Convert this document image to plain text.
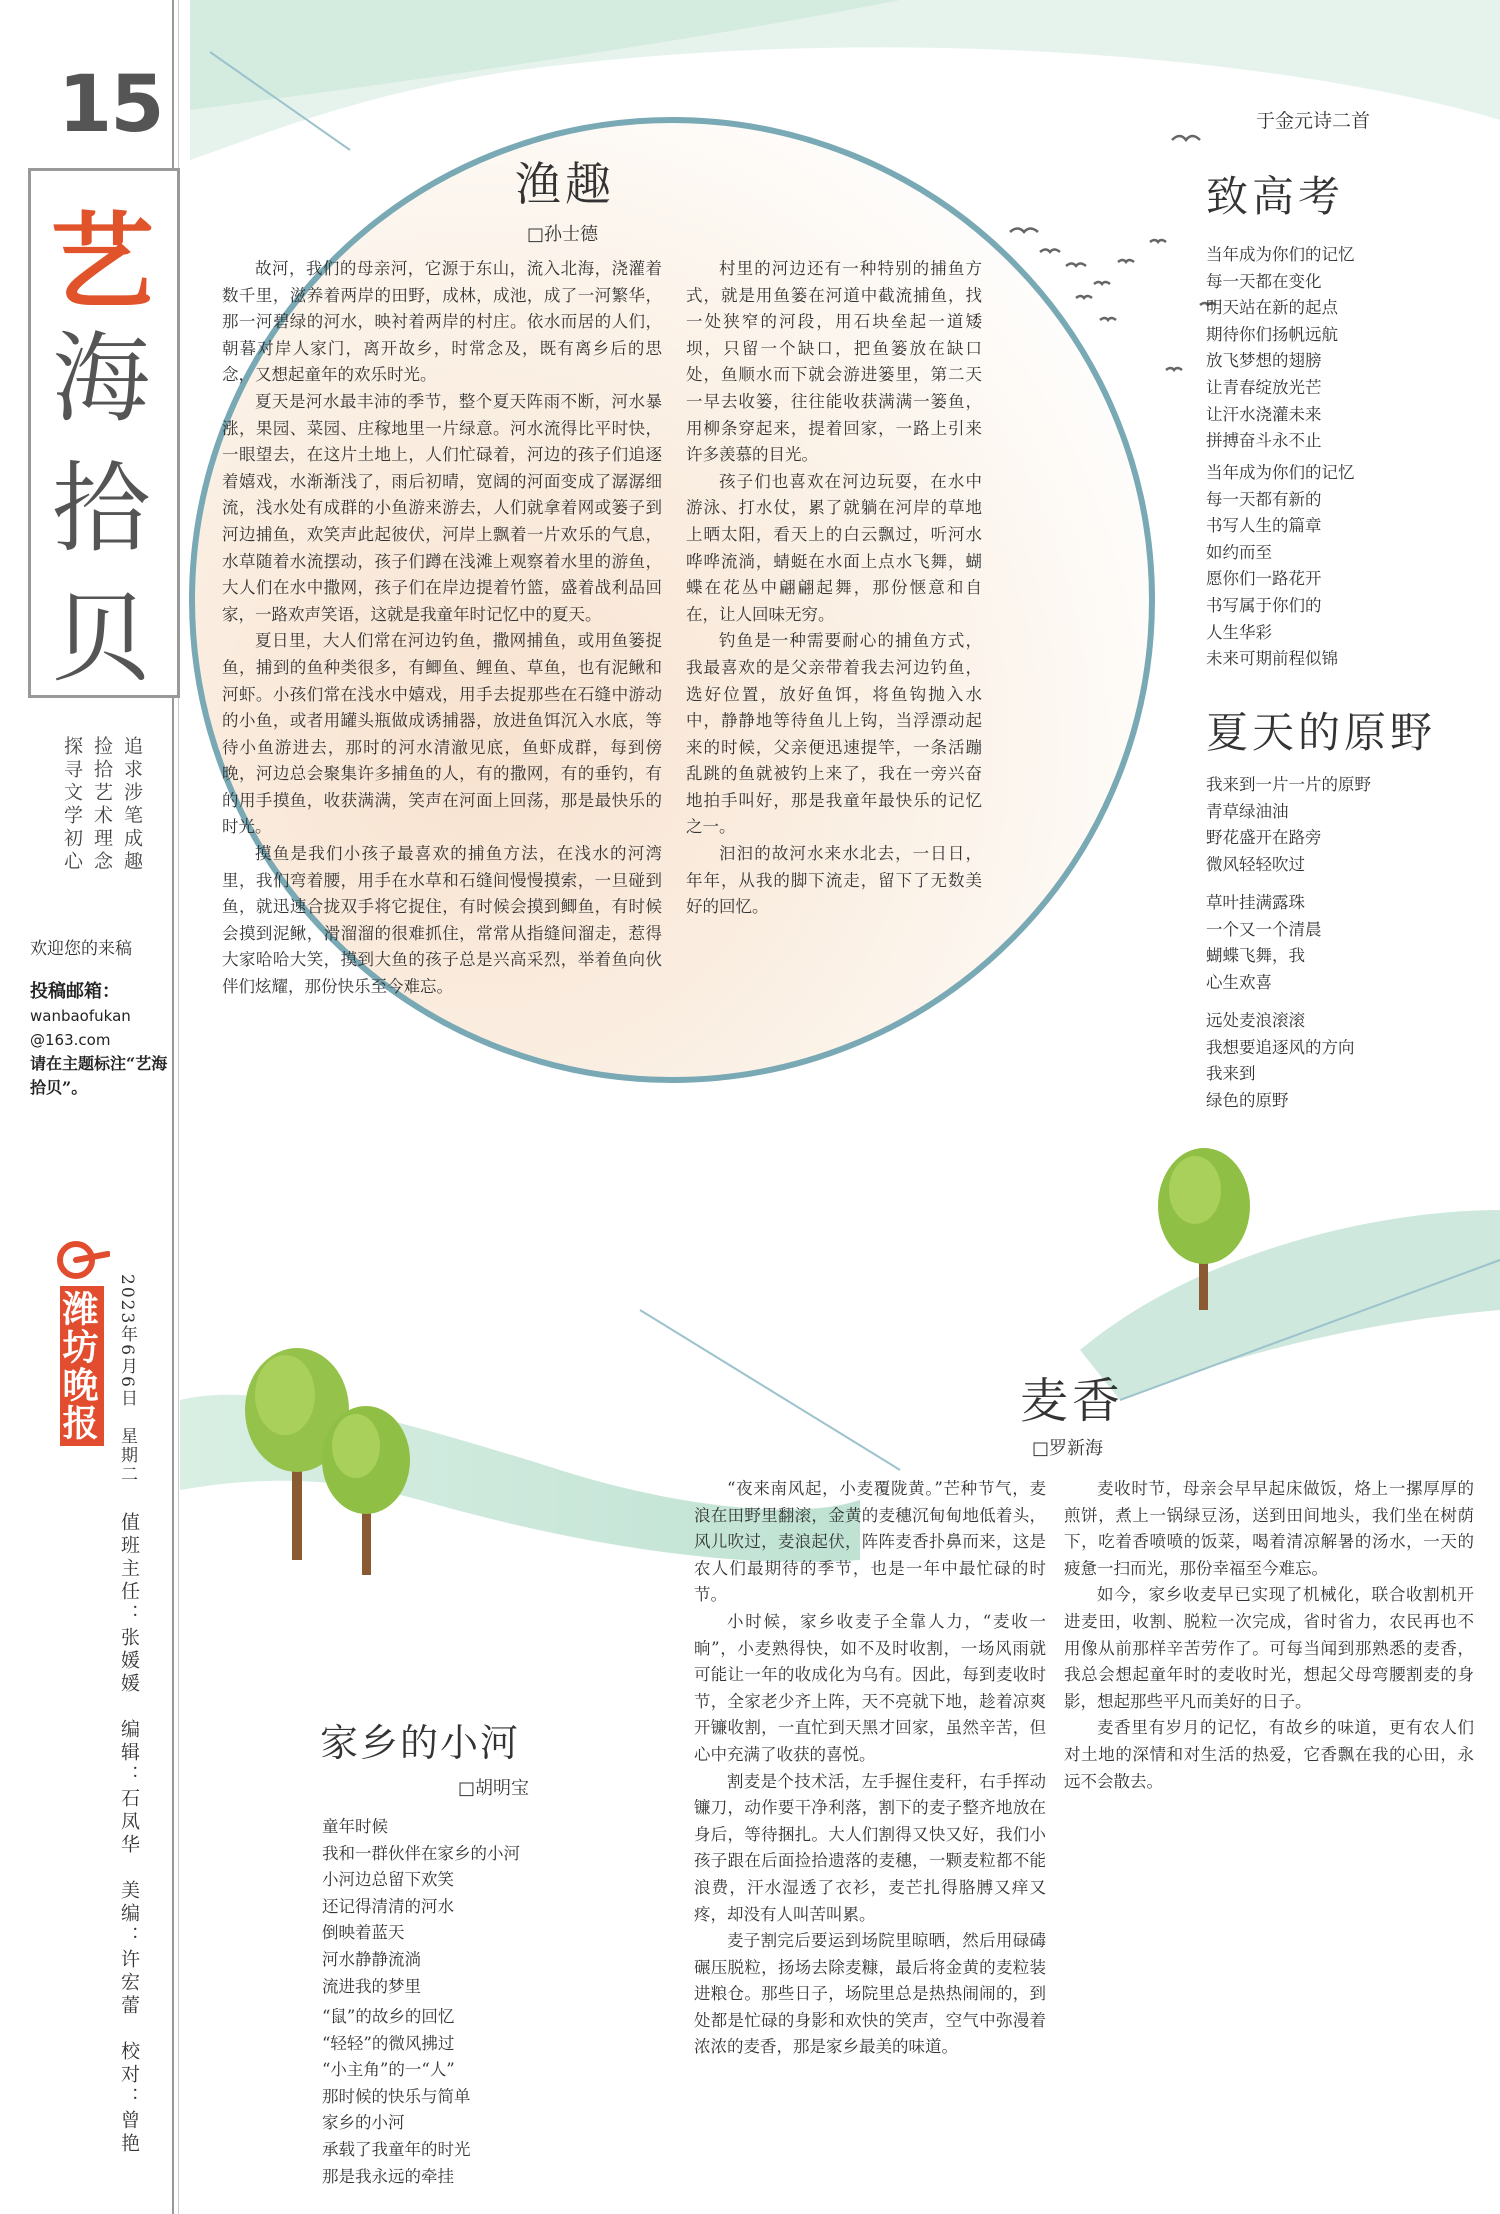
15
艺
海
拾
贝
追求涉笔成趣
捡拾艺术理念
探寻文学初心
欢迎您的来稿
投稿邮箱：
wanbaofukan
@163.com
请在主题标注“艺海拾贝”。
潍坊晚报 2023年6月6日　星期二
值班主任：张媛媛　编辑：石凤华　美编：许宏蕾　校对：曾艳
渔趣
□孙士德

故河，我们的母亲河，它源于东山，流入北海，浇灌着数千里，滋养着两岸的田野，成林，成池，成了一河繁华，那一河碧绿的河水，映衬着两岸的村庄。依水而居的人们，朝暮对岸人家门，离开故乡，时常念及，既有离乡后的思念，又想起童年的欢乐时光。

夏天是河水最丰沛的季节，整个夏天阵雨不断，河水暴涨，果园、菜园、庄稼地里一片绿意。河水流得比平时快，一眼望去，在这片土地上，人们忙碌着，河边的孩子们追逐着嬉戏，水渐渐浅了，雨后初晴，宽阔的河面变成了潺潺细流，浅水处有成群的小鱼游来游去，人们就拿着网或篓子到河边捕鱼，欢笑声此起彼伏，河岸上飘着一片欢乐的气息，水草随着水流摆动，孩子们蹲在浅滩上观察着水里的游鱼，大人们在水中撒网，孩子们在岸边提着竹篮，盛着战利品回家，一路欢声笑语，这就是我童年时记忆中的夏天。

夏日里，大人们常在河边钓鱼，撒网捕鱼，或用鱼篓捉鱼，捕到的鱼种类很多，有鲫鱼、鲤鱼、草鱼，也有泥鳅和河虾。小孩们常在浅水中嬉戏，用手去捉那些在石缝中游动的小鱼，或者用罐头瓶做成诱捕器，放进鱼饵沉入水底，等待小鱼游进去，那时的河水清澈见底，鱼虾成群，每到傍晚，河边总会聚集许多捕鱼的人，有的撒网，有的垂钓，有的用手摸鱼，收获满满，笑声在河面上回荡，那是最快乐的时光。

摸鱼是我们小孩子最喜欢的捕鱼方法，在浅水的河湾里，我们弯着腰，用手在水草和石缝间慢慢摸索，一旦碰到鱼，就迅速合拢双手将它捉住，有时候会摸到鲫鱼，有时候会摸到泥鳅，滑溜溜的很难抓住，常常从指缝间溜走，惹得大家哈哈大笑，摸到大鱼的孩子总是兴高采烈，举着鱼向伙伴们炫耀，那份快乐至今难忘。

村里的河边还有一种特别的捕鱼方式，就是用鱼篓在河道中截流捕鱼，找一处狭窄的河段，用石块垒起一道矮坝，只留一个缺口，把鱼篓放在缺口处，鱼顺水而下就会游进篓里，第二天一早去收篓，往往能收获满满一篓鱼，用柳条穿起来，提着回家，一路上引来许多羡慕的目光。

孩子们也喜欢在河边玩耍，在水中游泳、打水仗，累了就躺在河岸的草地上晒太阳，看天上的白云飘过，听河水哗哗流淌，蜻蜓在水面上点水飞舞，蝴蝶在花丛中翩翩起舞，那份惬意和自在，让人回味无穷。

钓鱼是一种需要耐心的捕鱼方式，我最喜欢的是父亲带着我去河边钓鱼，选好位置，放好鱼饵，将鱼钩抛入水中，静静地等待鱼儿上钩，当浮漂动起来的时候，父亲便迅速提竿，一条活蹦乱跳的鱼就被钓上来了，我在一旁兴奋地拍手叫好，那是我童年最快乐的记忆之一。

汩汩的故河水来水北去，一日日，年年，从我的脚下流走，留下了无数美好的回忆。

于金元诗二首
致高考

当年成为你们的记忆
每一天都在变化
明天站在新的起点
期待你们扬帆远航
放飞梦想的翅膀
让青春绽放光芒
让汗水浇灌未来
拼搏奋斗永不止

当年成为你们的记忆
每一天都有新的
书写人生的篇章
如约而至
愿你们一路花开
书写属于你们的
人生华彩
未来可期前程似锦

夏天的原野

我来到一片一片的原野
青草绿油油
野花盛开在路旁
微风轻轻吹过

草叶挂满露珠
一个又一个清晨
蝴蝶飞舞，我
心生欢喜

远处麦浪滚滚
我想要追逐风的方向
我来到
绿色的原野

麦香
□罗新海

“夜来南风起，小麦覆陇黄。”芒种节气，麦浪在田野里翻滚，金黄的麦穗沉甸甸地低着头，风儿吹过，麦浪起伏，阵阵麦香扑鼻而来，这是农人们最期待的季节，也是一年中最忙碌的时节。

小时候，家乡收麦子全靠人力，“麦收一晌”，小麦熟得快，如不及时收割，一场风雨就可能让一年的收成化为乌有。因此，每到麦收时节，全家老少齐上阵，天不亮就下地，趁着凉爽开镰收割，一直忙到天黑才回家，虽然辛苦，但心中充满了收获的喜悦。

割麦是个技术活，左手握住麦秆，右手挥动镰刀，动作要干净利落，割下的麦子整齐地放在身后，等待捆扎。大人们割得又快又好，我们小孩子跟在后面捡拾遗落的麦穗，一颗麦粒都不能浪费，汗水湿透了衣衫，麦芒扎得胳膊又痒又疼，却没有人叫苦叫累。

麦子割完后要运到场院里晾晒，然后用碌碡碾压脱粒，扬场去除麦糠，最后将金黄的麦粒装进粮仓。那些日子，场院里总是热热闹闹的，到处都是忙碌的身影和欢快的笑声，空气中弥漫着浓浓的麦香，那是家乡最美的味道。

麦收时节，母亲会早早起床做饭，烙上一摞厚厚的煎饼，煮上一锅绿豆汤，送到田间地头，我们坐在树荫下，吃着香喷喷的饭菜，喝着清凉解暑的汤水，一天的疲惫一扫而光，那份幸福至今难忘。

如今，家乡收麦早已实现了机械化，联合收割机开进麦田，收割、脱粒一次完成，省时省力，农民再也不用像从前那样辛苦劳作了。可每当闻到那熟悉的麦香，我总会想起童年时的麦收时光，想起父母弯腰割麦的身影，想起那些平凡而美好的日子。

麦香里有岁月的记忆，有故乡的味道，更有农人们对土地的深情和对生活的热爱，它香飘在我的心田，永远不会散去。

家乡的小河
□胡明宝

童年时候
我和一群伙伴在家乡的小河
小河边总留下欢笑
还记得清清的河水
倒映着蓝天
河水静静流淌
流进我的梦里

“鼠”的故乡的回忆
“轻轻”的微风拂过
“小主角”的一“人”
那时候的快乐与简单
家乡的小河
承载了我童年的时光
那是我永远的牵挂
